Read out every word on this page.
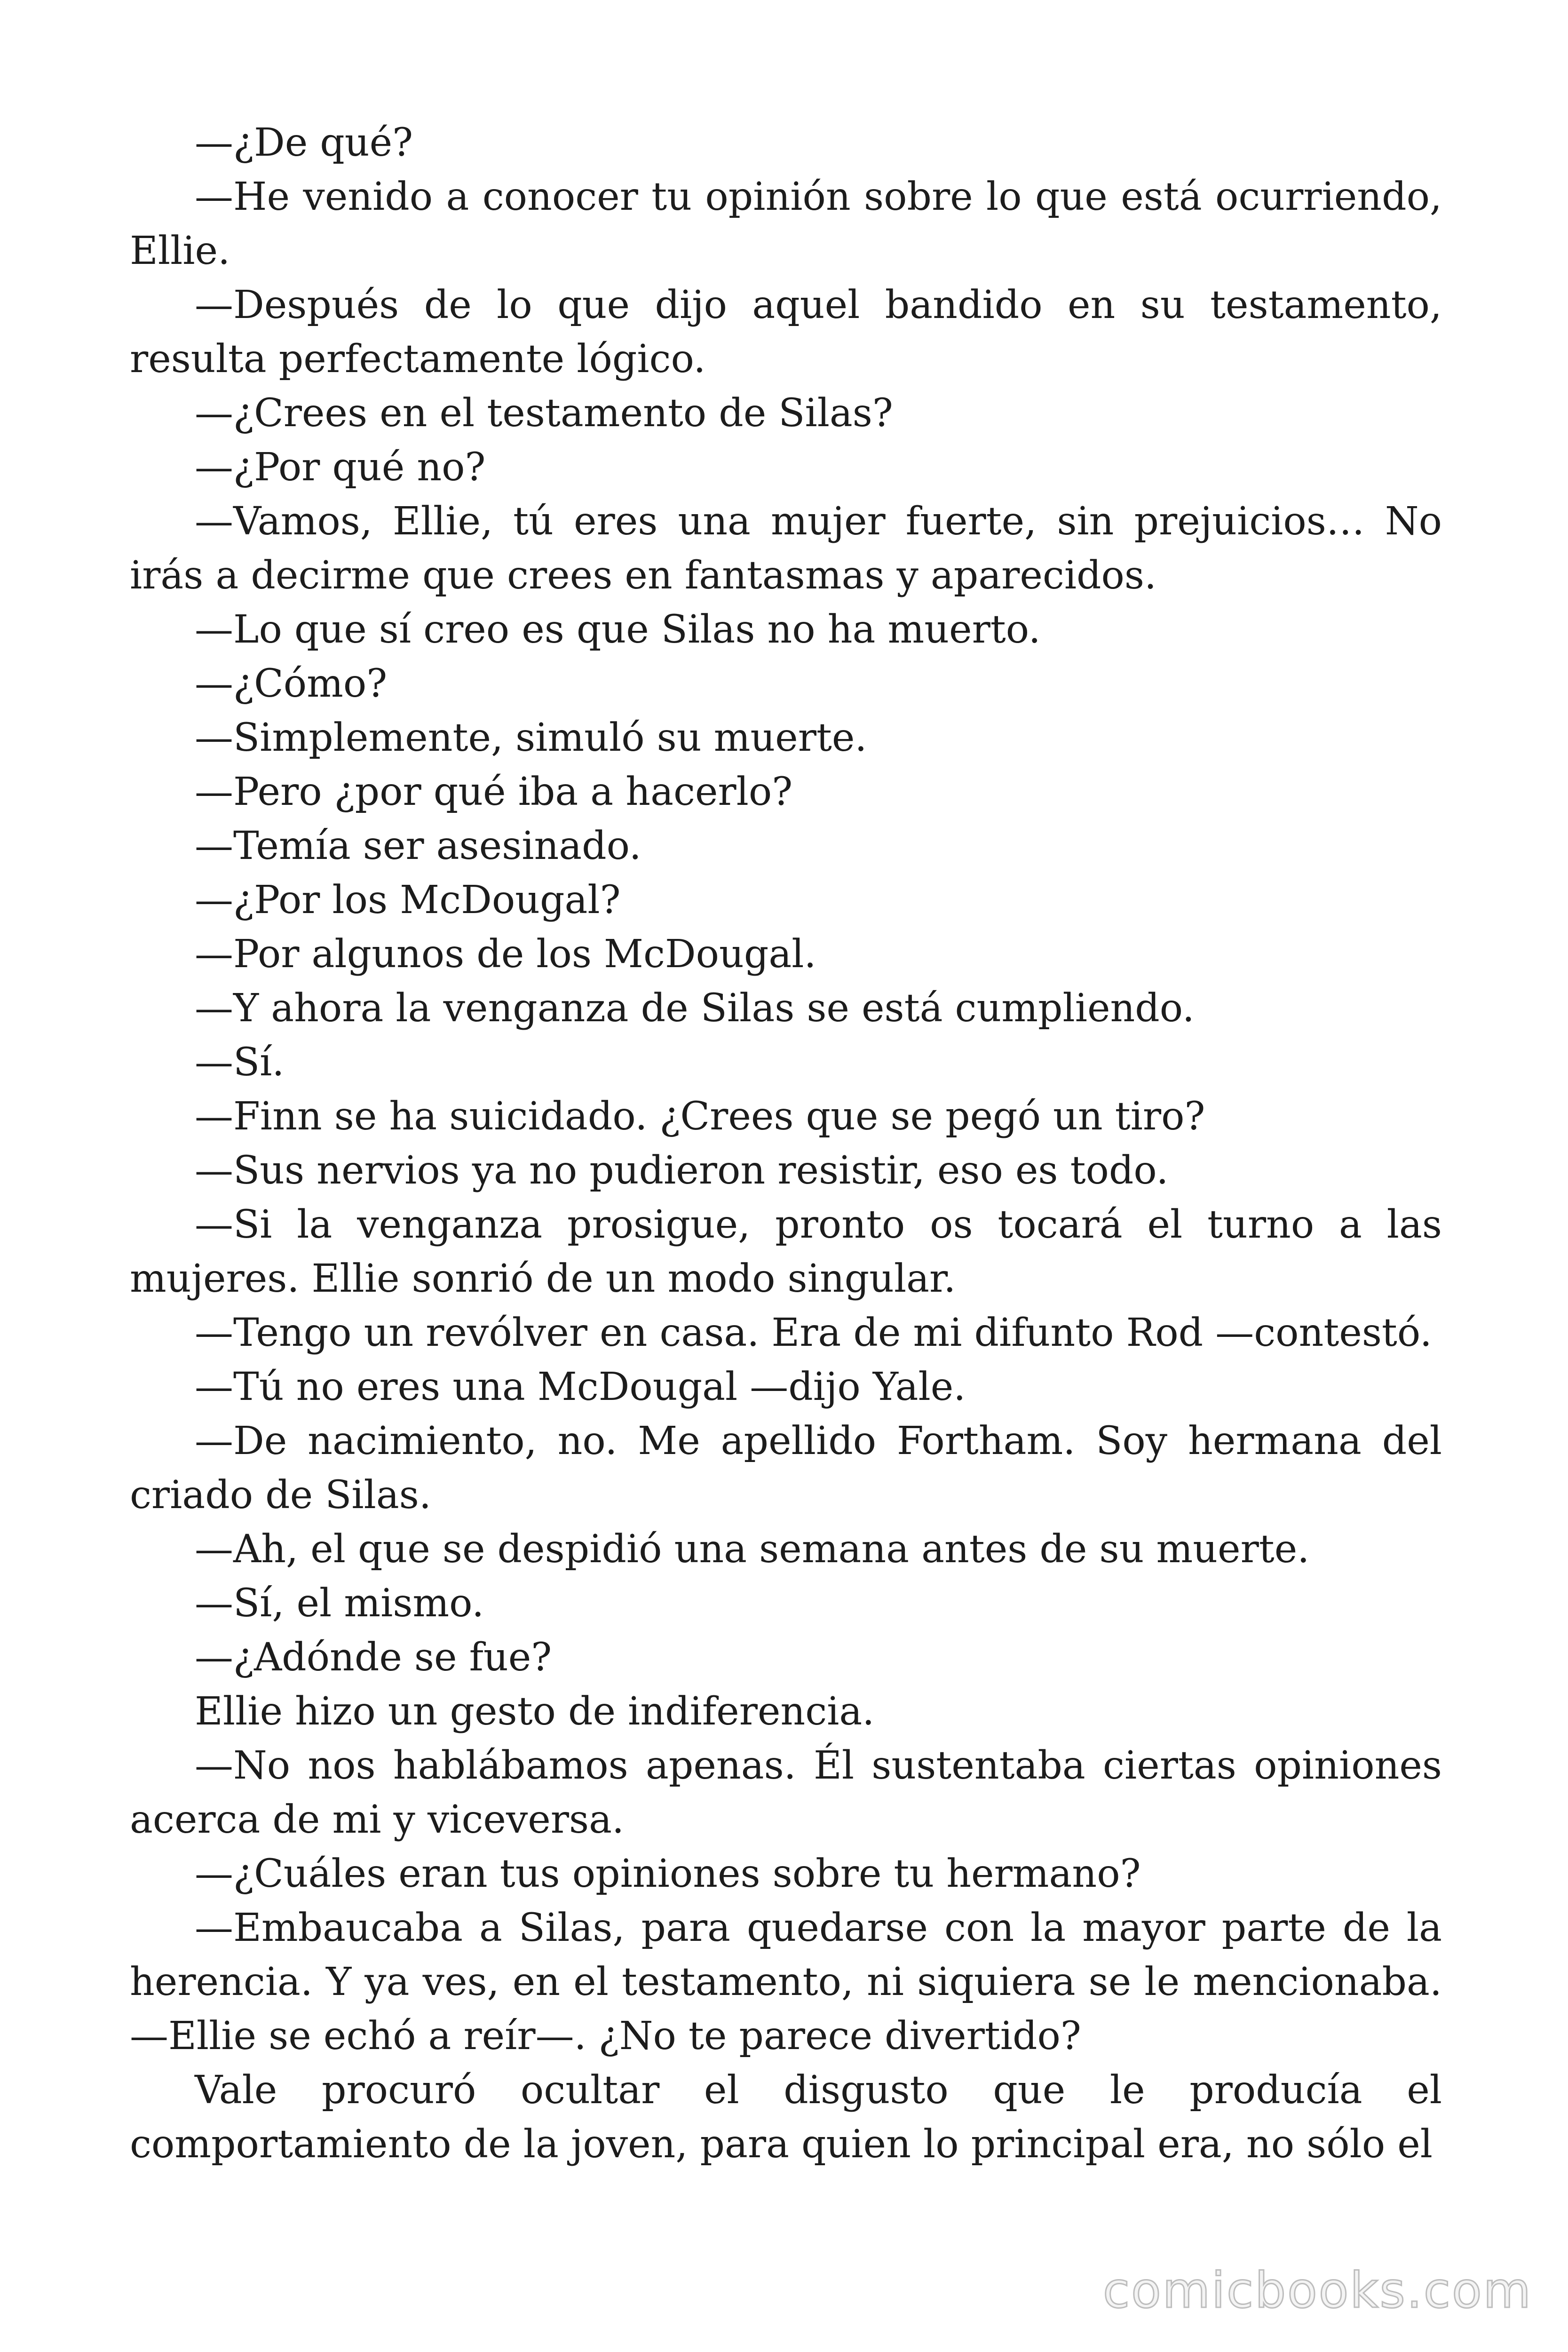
—¿De qué?

—He venido a conocer tu opinión sobre lo que está ocurriendo, Ellie.

—Después de lo que dijo aquel bandido en su testamento, resulta perfectamente lógico.

—¿Crees en el testamento de Silas?

—¿Por qué no?

—Vamos, Ellie, tú eres una mujer fuerte, sin prejuicios… No irás a decirme que crees en fantasmas y aparecidos.

—Lo que sí creo es que Silas no ha muerto.

—¿Cómo?

—Simplemente, simuló su muerte.

—Pero ¿por qué iba a hacerlo?

—Temía ser asesinado.

—¿Por los McDougal?

—Por algunos de los McDougal.

—Y ahora la venganza de Silas se está cumpliendo.

—Sí.

—Finn se ha suicidado. ¿Crees que se pegó un tiro?

—Sus nervios ya no pudieron resistir, eso es todo.

—Si la venganza prosigue, pronto os tocará el turno a las mujeres. Ellie sonrió de un modo singular.

—Tengo un revólver en casa. Era de mi difunto Rod —contestó.

—Tú no eres una McDougal —dijo Yale.

—De nacimiento, no. Me apellido Fortham. Soy hermana del criado de Silas.

—Ah, el que se despidió una semana antes de su muerte.

—Sí, el mismo.

—¿Adónde se fue?

Ellie hizo un gesto de indiferencia.

—No nos hablábamos apenas. Él sustentaba ciertas opiniones acerca de mi y viceversa.

—¿Cuáles eran tus opiniones sobre tu hermano?

—Embaucaba a Silas, para quedarse con la mayor parte de la herencia. Y ya ves, en el testamento, ni siquiera se le mencionaba. —Ellie se echó a reír—. ¿No te parece divertido?

Vale procuró ocultar el disgusto que le producía el comportamiento de la joven, para quien lo principal era, no sólo el

comicbooks.com
